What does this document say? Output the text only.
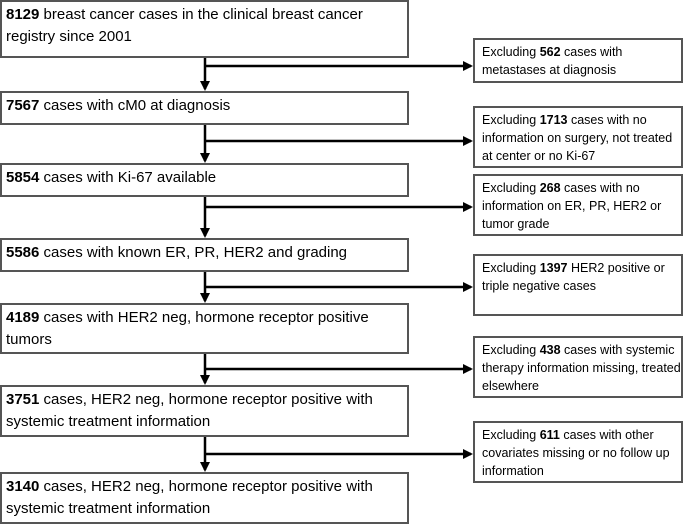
8129 breast cancer cases in the clinical breast cancer registry since 2001
7567 cases with cM0 at diagnosis
5854 cases with Ki-67 available
5586 cases with known ER, PR, HER2 and grading
4189 cases with HER2 neg, hormone receptor positive tumors
3751 cases, HER2 neg, hormone receptor positive with systemic treatment information
3140 cases, HER2 neg, hormone receptor positive with systemic treatment information
Excluding 562 cases with metastases at diagnosis
Excluding 1713 cases with no information on surgery, not treated at center or no Ki-67
Excluding 268 cases with no information on ER, PR, HER2 or tumor grade
Excluding 1397 HER2 positive or triple negative cases
Excluding 438 cases with systemic therapy information missing, treated elsewhere
Excluding 611 cases with other covariates missing or no follow up information
